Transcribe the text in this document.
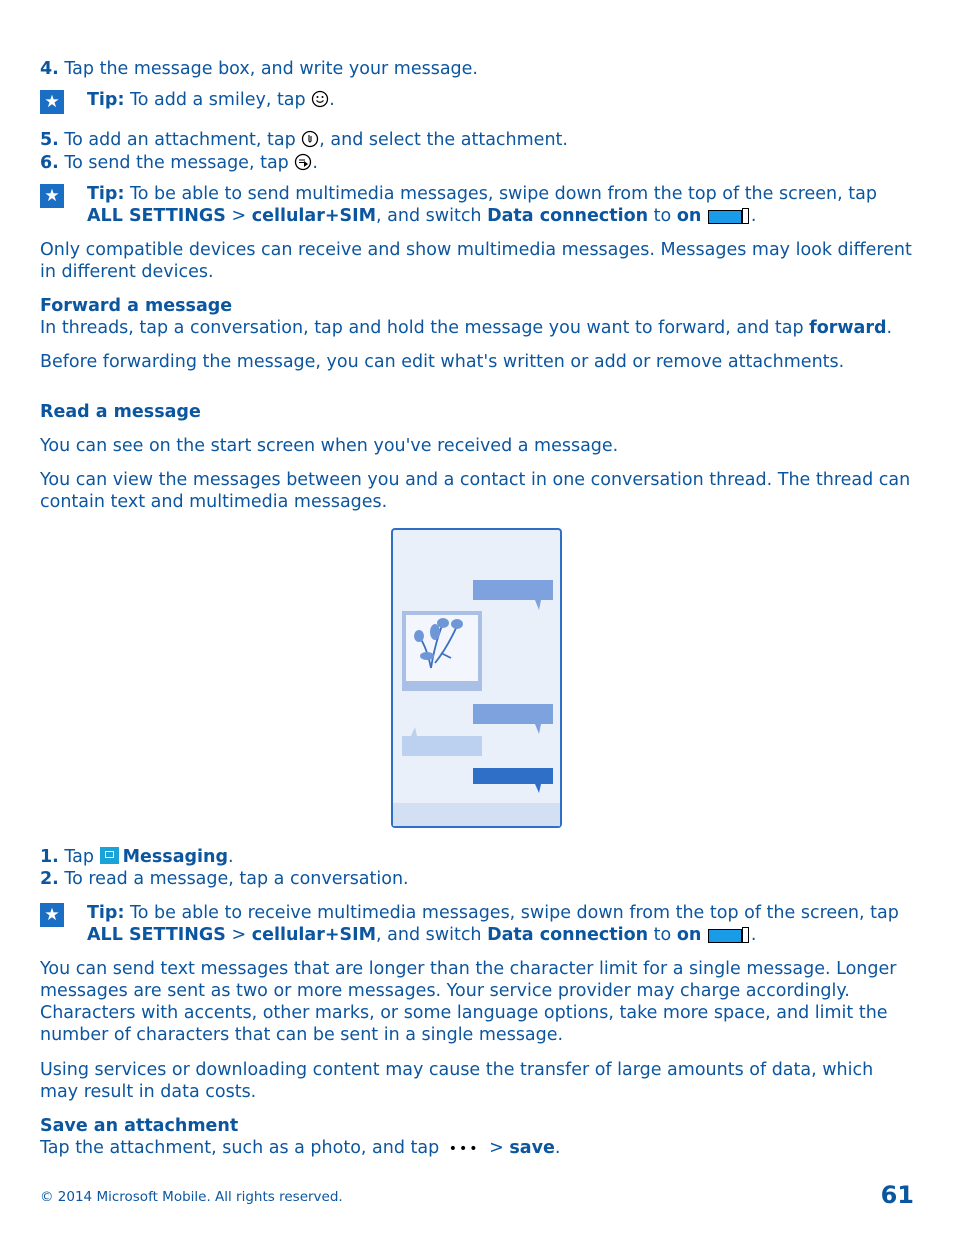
4. Tap the message box, and write your message.
★ Tip: To add a smiley, tap .
5. To add an attachment, tap , and select the attachment.
6. To send the message, tap .
★ Tip: To be able to send multimedia messages, swipe down from the top of the screen, tap ALL SETTINGS > cellular+SIM, and switch Data connection to on	.
Only compatible devices can receive and show multimedia messages. Messages may look different in different devices.
Forward a message
In threads, tap a conversation, tap and hold the message you want to forward, and tap forward.
Before forwarding the message, you can edit what's written or add or remove attachments.
Read a message
You can see on the start screen when you've received a message.
You can view the messages between you and a contact in one conversation thread. The thread can contain text and multimedia messages.
1. Tap Messaging.
2. To read a message, tap a conversation.
★ Tip: To be able to receive multimedia messages, swipe down from the top of the screen, tap ALL SETTINGS > cellular+SIM, and switch Data connection to on	.
You can send text messages that are longer than the character limit for a single message. Longer messages are sent as two or more messages. Your service provider may charge accordingly. Characters with accents, other marks, or some language options, take more space, and limit the number of characters that can be sent in a single message.
Using services or downloading content may cause the transfer of large amounts of data, which may result in data costs.
Save an attachment
Tap the attachment, such as a photo, and tap ••• > save.
© 2014 Microsoft Mobile. All rights reserved.	61
